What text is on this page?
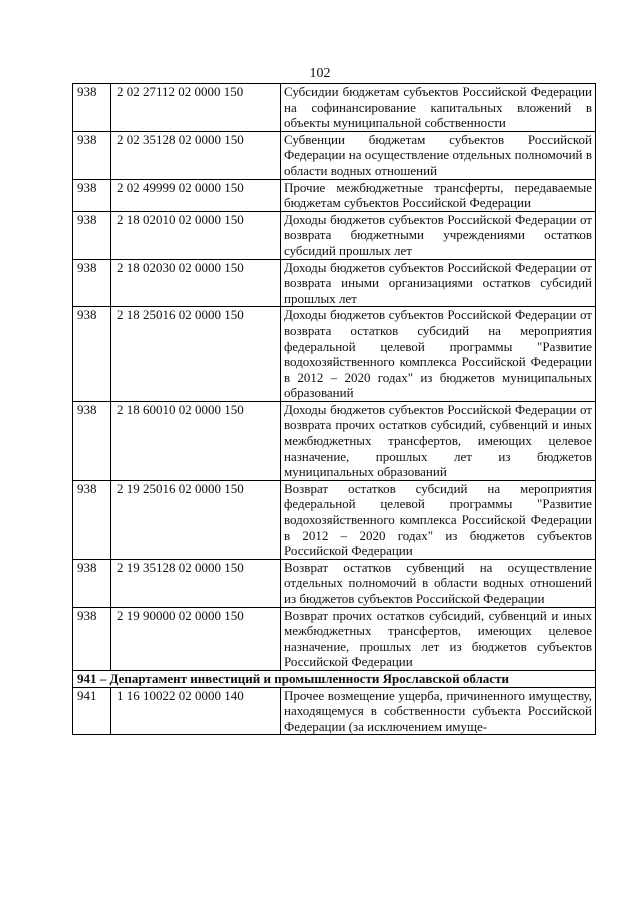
102
938	2 02 27112 02 0000 150	Субсидии бюджетам субъектов Российской Федерации на софинансирование капитальных вложений в объекты муниципальной собственности
938	2 02 35128 02 0000 150	Субвенции бюджетам субъектов Российской Федерации на осуществление отдельных полномочий в области водных отношений
938	2 02 49999 02 0000 150	Прочие межбюджетные трансферты, передаваемые бюджетам субъектов Российской Федерации
938	2 18 02010 02 0000 150	Доходы бюджетов субъектов Российской Федерации от возврата бюджетными учреждениями остатков субсидий прошлых лет
938	2 18 02030 02 0000 150	Доходы бюджетов субъектов Российской Федерации от возврата иными организациями остатков субсидий прошлых лет
938	2 18 25016 02 0000 150	Доходы бюджетов субъектов Российской Федерации от возврата остатков субсидий на мероприятия федеральной целевой программы "Развитие водохозяйственного комплекса Российской Федерации в 2012 – 2020 годах" из бюджетов муниципальных образований
938	2 18 60010 02 0000 150	Доходы бюджетов субъектов Российской Федерации от возврата прочих остатков субсидий, субвенций и иных межбюджетных трансфертов, имеющих целевое назначение, прошлых лет из бюджетов муниципальных образований
938	2 19 25016 02 0000 150	Возврат остатков субсидий на мероприятия федеральной целевой программы "Развитие водохозяйственного комплекса Российской Федерации в 2012 – 2020 годах" из бюджетов субъектов Российской Федерации
938	2 19 35128 02 0000 150	Возврат остатков субвенций на осуществление отдельных полномочий в области водных отношений из бюджетов субъектов Российской Федерации
938	2 19 90000 02 0000 150	Возврат прочих остатков субсидий, субвенций и иных межбюджетных трансфертов, имеющих целевое назначение, прошлых лет из бюджетов субъектов Российской Федерации
941 – Департамент инвестиций и промышленности Ярославской области		
941	1 16 10022 02 0000 140	Прочее возмещение ущерба, причиненного имуществу, находящемуся в собственности субъекта Российской Федерации (за исключением имуще-
